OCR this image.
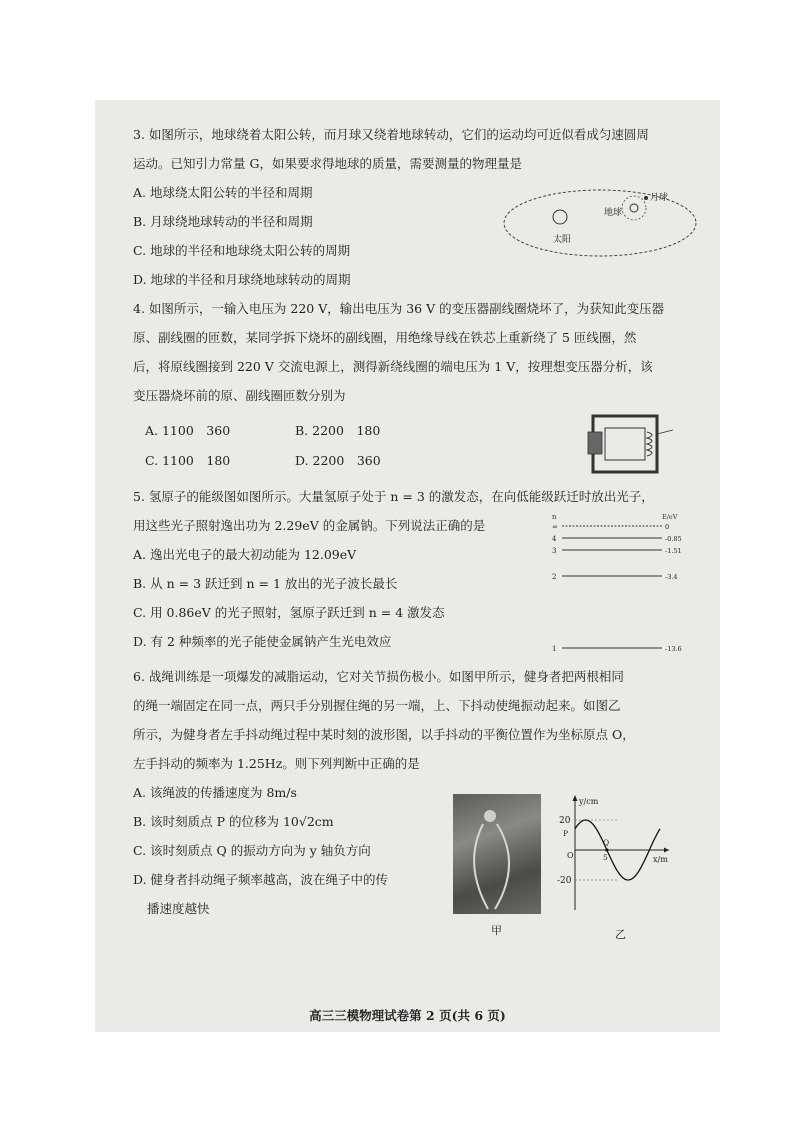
3. 如图所示，地球绕着太阳公转，而月球又绕着地球转动，它们的运动均可近似看成匀速圆周

运动。已知引力常量 G，如果要求得地球的质量，需要测量的物理量是

A. 地球绕太阳公转的半径和周期

B. 月球绕地球转动的半径和周期

C. 地球的半径和地球绕太阳公转的周期

D. 地球的半径和月球绕地球转动的周期

太阳
地球
月球

4. 如图所示，一输入电压为 220 V，输出电压为 36 V 的变压器副线圈烧坏了，为获知此变压器

原、副线圈的匝数，某同学拆下烧坏的副线圈，用绝缘导线在铁芯上重新绕了 5 匝线圈，然

后，将原线圈接到 220 V 交流电源上，测得新绕线圈的端电压为 1 V，按理想变压器分析，该

变压器烧坏前的原、副线圈匝数分别为

A. 1100　360	B. 2200　180
C. 1100　180	D. 2200　360

5. 氢原子的能级图如图所示。大量氢原子处于 n = 3 的激发态，在向低能级跃迁时放出光子，

用这些光子照射逸出功为 2.29eV 的金属钠。下列说法正确的是

A. 逸出光电子的最大初动能为 12.09eV

B. 从 n = 3 跃迁到 n = 1 放出的光子波长最长

C. 用 0.86eV 的光子照射，氢原子跃迁到 n = 4 激发态

D. 有 2 种频率的光子能使金属钠产生光电效应

n	E/eV
∞	0
4	-0.85
3	-1.51
2	-3.4
1	-13.6

6. 战绳训练是一项爆发的减脂运动，它对关节损伤极小。如图甲所示，健身者把两根相同

的绳一端固定在同一点，两只手分别握住绳的另一端，上、下抖动使绳振动起来。如图乙

所示，为健身者左手抖动绳过程中某时刻的波形图，以手抖动的平衡位置作为坐标原点 O，

左手抖动的频率为 1.25Hz。则下列判断中正确的是

A. 该绳波的传播速度为 8m/s

B. 该时刻质点 P 的位移为 10√2cm

C. 该时刻质点 Q 的振动方向为 y 轴负方向

D. 健身者抖动绳子频率越高，波在绳子中的传

播速度越快

甲
y/cm
x/m
20
-20
O
P
Q
5
乙
高三三模物理试卷第 2 页(共 6 页)
